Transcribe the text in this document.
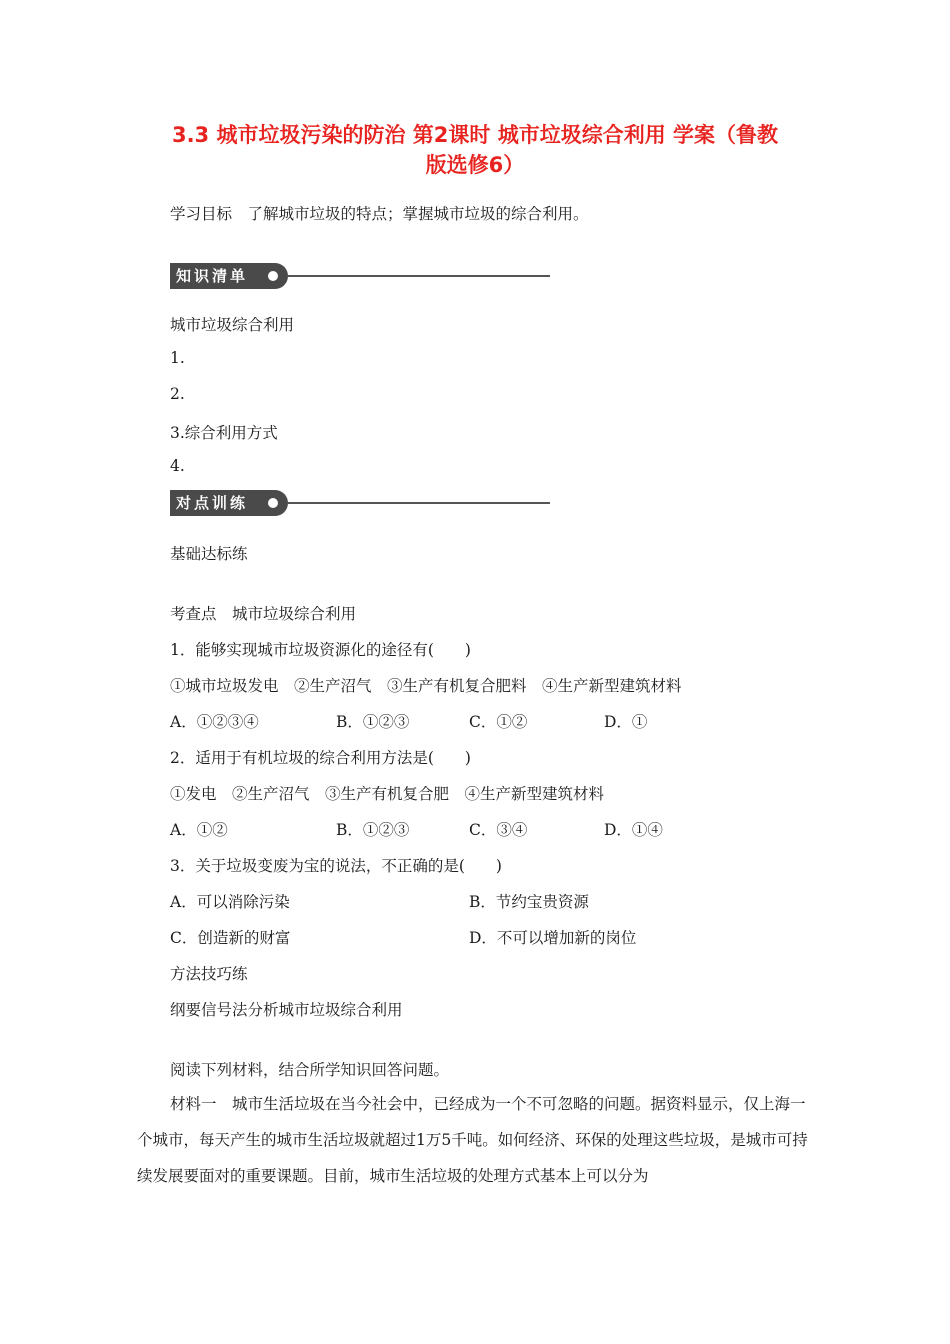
3.3 城市垃圾污染的防治 第2课时 城市垃圾综合利用 学案（鲁教
版选修6）
学习目标　了解城市垃圾的特点；掌握城市垃圾的综合利用。
知识清单
城市垃圾综合利用
1.
2.
3.综合利用方式
4.
对点训练
基础达标练
考查点　城市垃圾综合利用
1．能够实现城市垃圾资源化的途径有(　　)
①城市垃圾发电　②生产沼气　③生产有机复合肥料　④生产新型建筑材料
A．①②③④	B．①②③	C．①②	D．①
2．适用于有机垃圾的综合利用方法是(　　)
①发电　②生产沼气　③生产有机复合肥　④生产新型建筑材料
A．①②	B．①②③	C．③④	D．①④
3．关于垃圾变废为宝的说法，不正确的是(　　)
A．可以消除污染	B．节约宝贵资源
C．创造新的财富	D．不可以增加新的岗位
方法技巧练
纲要信号法分析城市垃圾综合利用
阅读下列材料，结合所学知识回答问题。
材料一　城市生活垃圾在当今社会中，已经成为一个不可忽略的问题。据资料显示，仅上海一个城市，每天产生的城市生活垃圾就超过1万5千吨。如何经济、环保的处理这些垃圾，是城市可持续发展要面对的重要课题。目前，城市生活垃圾的处理方式基本上可以分为
